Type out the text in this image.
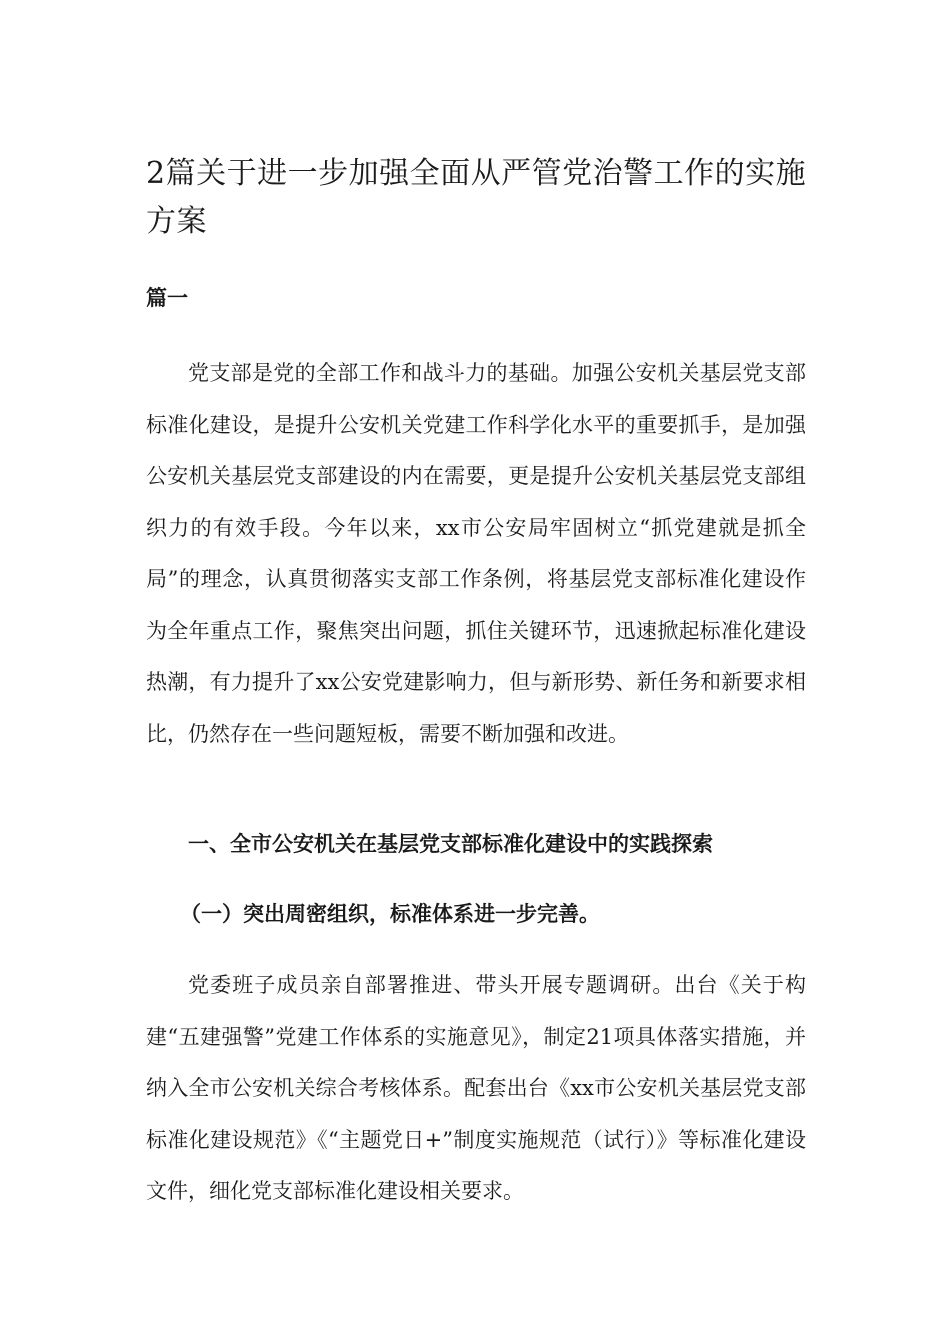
2篇关于进一步加强全面从严管党治警工作的实施方案
篇一

党支部是党的全部工作和战斗力的基础。加强公安机关基层党支部标准化建设，是提升公安机关党建工作科学化水平的重要抓手，是加强公安机关基层党支部建设的内在需要，更是提升公安机关基层党支部组织力的有效手段。今年以来，xx市公安局牢固树立“抓党建就是抓全局”的理念，认真贯彻落实支部工作条例，将基层党支部标准化建设作为全年重点工作，聚焦突出问题，抓住关键环节，迅速掀起标准化建设热潮，有力提升了xx公安党建影响力，但与新形势、新任务和新要求相比，仍然存在一些问题短板，需要不断加强和改进。

一、全市公安机关在基层党支部标准化建设中的实践探索
（一）突出周密组织，标准体系进一步完善。

党委班子成员亲自部署推进、带头开展专题调研。出台《关于构建“五建强警”党建工作体系的实施意见》，制定21项具体落实措施，并纳入全市公安机关综合考核体系。配套出台《xx市公安机关基层党支部标准化建设规范》《“主题党日+”制度实施规范（试行）》等标准化建设文件，细化党支部标准化建设相关要求。
